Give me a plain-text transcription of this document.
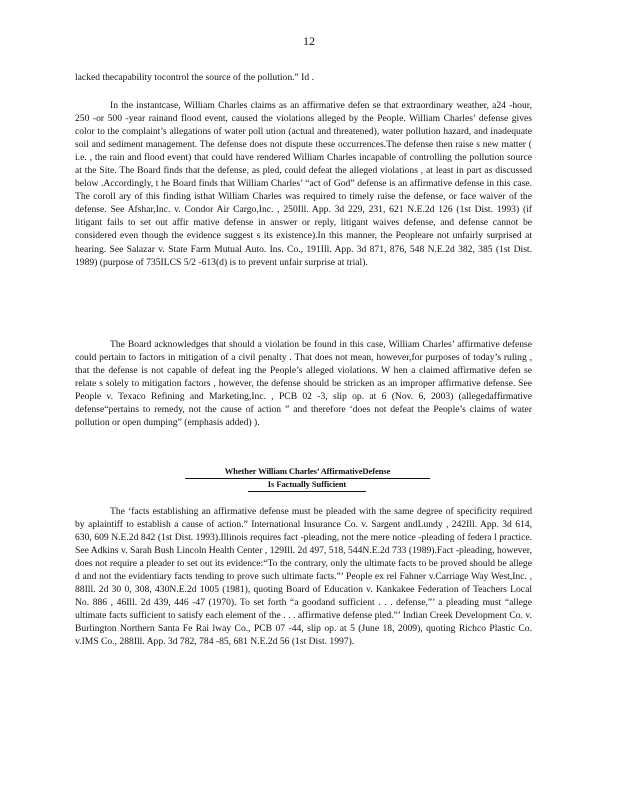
12

lacked thecapability tocontrol the source of the pollution.” Id .

In the instantcase, William Charles claims as an affirmative defen se that extraordinary weather, a24 -hour, 250 -or 500 -year rainand flood event, caused the violations alleged by the People. William Charles’ defense gives color to the complaint’s allegations of water poll ution (actual and threatened), water pollution hazard, and inadequate soil and sediment management. The defense does not dispute these occurrences.The defense then raise s new matter ( i.e. , the rain and flood event) that could have rendered William Charles incapable of controlling the pollution source at the Site. The Board finds that the defense, as pled, could defeat the alleged violations , at least in part as discussed below .Accordingly, t he Board finds that William Charles’ “act of God” defense is an affirmative defense in this case. The coroll ary of this finding isthat William Charles was required to timely raise the defense, or face waiver of the defense. See Afshar,Inc. v. Condor Air Cargo,Inc. , 250Ill. App. 3d 229, 231, 621 N.E.2d 126 (1st Dist. 1993) (if litigant fails to set out affir mative defense in answer or reply, litigant waives defense, and defense cannot be considered even though the evidence suggest s its existence).In this manner, the Peopleare not unfairly surprised at hearing. See Salazar v. State Farm Mutual Auto. Ins. Co., 191Ill. App. 3d 871, 876, 548 N.E.2d 382, 385 (1st Dist. 1989) (purpose of 735ILCS 5/2 -613(d) is to prevent unfair surprise at trial).

The Board acknowledges that should a violation be found in this case, William Charles’ affirmative defense could pertain to factors in mitigation of a civil penalty . That does not mean, however,for purposes of today’s ruling , that the defense is not capable of defeat ing the People’s alleged violations. W hen a claimed affirmative defen se relate s solely to mitigation factors , however, the defense should be stricken as an improper affirmative defense. See People v. Texaco Refining and Marketing,Inc. , PCB 02 -3, slip op. at 6 (Nov. 6, 2003) (allegedaffirmative defense“pertains to remedy, not the cause of action ” and therefore ‘does not defeat the People’s claims of water pollution or open dumping” (emphasis added) ).

Whether William Charles’ AffirmativeDefense
Is Factually Sufficient

The ‘facts establishing an affirmative defense must be pleaded with the same degree of specificity required by aplaintiff to establish a cause of action.” International Insurance Co. v. Sargent andLundy , 242Ill. App. 3d 614, 630, 609 N.E.2d 842 (1st Dist. 1993).Illinois requires fact -pleading, not the mere notice -pleading of federa l practice. See Adkins v. Sarah Bush Lincoln Health Center , 129Ill. 2d 497, 518, 544N.E.2d 733 (1989).Fact -pleading, however, does not require a pleader to set out its evidence:“To the contrary, only the ultimate facts to be proved should be allege d and not the evidentiary facts tending to prove such ultimate facts.”’ People ex rel Fahner v.Carriage Way West,Inc. , 88Ill. 2d 30 0, 308, 430N.E.2d 1005 (1981), quoting Board of Education v. Kankakee Federation of Teachers Local No. 886 , 46Ill. 2d 439, 446 -47 (1970). To set forth “a goodand sufficient . . . defense,”’ a pleading must “allege ultimate facts sufficient to satisfy each element of the . . . affirmative defense pled.”’ Indian Creek Development Co. v. Burlington Northern Santa Fe Rai lway Co., PCB 07 -44, slip op. at 5 (June 18, 2009), quoting Richco Plastic Co. v.IMS Co., 288Ill. App. 3d 782, 784 -85, 681 N.E.2d 56 (1st Dist. 1997).
